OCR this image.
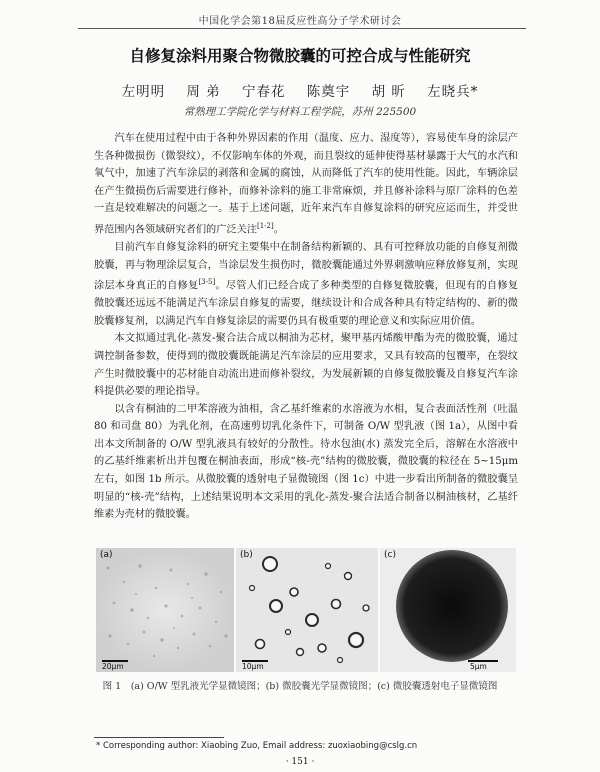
中国化学会第18届反应性高分子学术研讨会
自修复涂料用聚合物微胶囊的可控合成与性能研究
左明明 周 弟 宁春花 陈奠宇 胡 昕 左晓兵*
常熟理工学院化学与材料工程学院，苏州 225500

汽车在使用过程中由于各种外界因素的作用（温度、应力、湿度等），容易使车身的涂层产生各种微损伤（微裂纹），不仅影响车体的外观，而且裂纹的延伸使得基材暴露于大气的水汽和氧气中，加速了汽车涂层的剥落和金属的腐蚀，从而降低了汽车的使用性能。因此，车辆涂层在产生微损伤后需要进行修补，而修补涂料的施工非常麻烦，并且修补涂料与原厂涂料的色差一直是较难解决的问题之一。基于上述问题，近年来汽车自修复涂料的研究应运而生，并受世界范围内各领域研究者们的广泛关注[1-2]。

目前汽车自修复涂料的研究主要集中在制备结构新颖的、具有可控释放功能的自修复剂微胶囊，再与物理涂层复合，当涂层发生损伤时，微胶囊能通过外界刺激响应释放修复剂，实现涂层本身真正的自修复[3-5]。尽管人们已经合成了多种类型的自修复微胶囊，但现有的自修复微胶囊还远远不能满足汽车涂层自修复的需要，继续设计和合成各种具有特定结构的、新的微胶囊修复剂，以满足汽车自修复涂层的需要仍具有极重要的理论意义和实际应用价值。

本文拟通过乳化-蒸发-聚合法合成以桐油为芯材，聚甲基丙烯酸甲酯为壳的微胶囊，通过调控制备参数，使得到的微胶囊既能满足汽车涂层的应用要求，又具有较高的包覆率，在裂纹产生时微胶囊中的芯材能自动流出进而修补裂纹，为发展新颖的自修复微胶囊及自修复汽车涂料提供必要的理论指导。

以含有桐油的二甲苯溶液为油相，含乙基纤维素的水溶液为水相，复合表面活性剂（吐温 80 和司盘 80）为乳化剂，在高速剪切乳化条件下，可制备 O/W 型乳液（图 1a），从图中看出本文所制备的 O/W 型乳液具有较好的分散性。待水包油(水) 蒸发完全后，溶解在水溶液中的乙基纤维素析出并包覆在桐油表面，形成“核-壳”结构的微胶囊，微胶囊的粒径在 5~15μm 左右，如图 1b 所示。从微胶囊的透射电子显微镜图（图 1c）中进一步看出所制备的微胶囊呈明显的“核-壳”结构，上述结果说明本文采用的乳化-蒸发-聚合法适合制备以桐油核材，乙基纤维素为壳材的微胶囊。

(a)
20μm
(b)
10μm
(c)
5μm
图 1　(a) O/W 型乳液光学显微镜图；(b) 微胶囊光学显微镜图；(c) 微胶囊透射电子显微镜图
* Corresponding author: Xiaobing Zuo, Email address: zuoxiaobing@cslg.cn
· 151 ·
